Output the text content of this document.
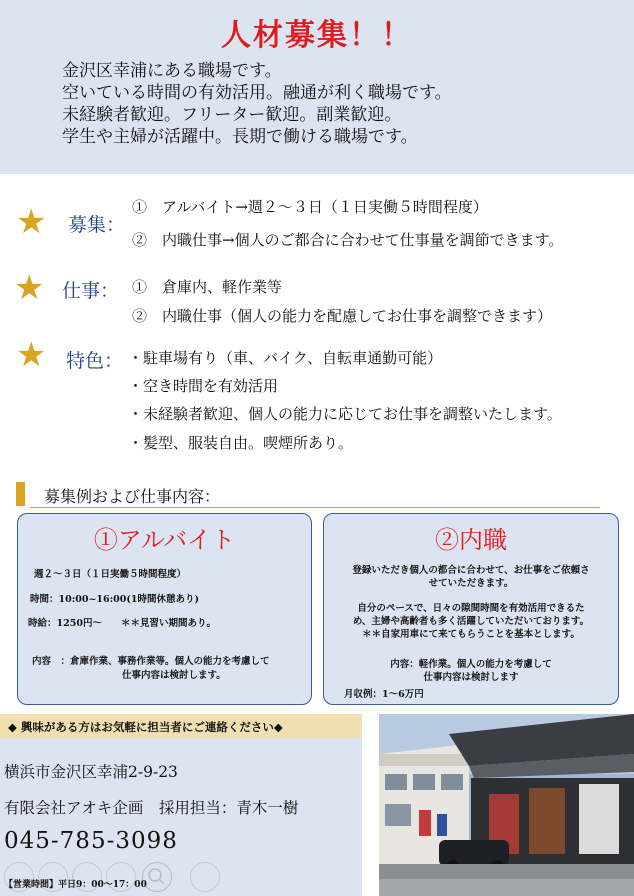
人材募集！！
金沢区幸浦にある職場です。
空いている時間の有効活用。融通が利く職場です。
未経験者歓迎。フリーター歓迎。副業歓迎。
学生や主婦が活躍中。長期で働ける職場です。
★ 募集：
①　アルバイト→週２～３日（１日実働５時間程度）
②　内職仕事→個人のご都合に合わせて仕事量を調節できます。
★ 仕事： ①　倉庫内、軽作業等
②　内職仕事（個人の能力を配慮してお仕事を調整できます）
★ 特色： ・駐車場有り（車、バイク、自転車通勤可能）
・空き時間を有効活用
・未経験者歓迎、個人の能力に応じてお仕事を調整いたします。
・髪型、服装自由。喫煙所あり。
募集例および仕事内容：
①アルバイト
週２～３日（１日実働５時間程度）
時間：10:00~16:00(1時間休憩あり)
時給：1250円～　　＊＊見習い期間あり。
内容　：倉庫作業、事務作業等。個人の能力を考慮して
仕事内容は検討します。
②内職
登録いただき個人の都合に合わせて、お仕事をご依頼さ
せていただきます。
自分のペースで、日々の隙間時間を有効活用できるた
め、主婦や高齢者も多く活躍していただいております。
＊＊自家用車にて来てもらうことを基本とします。
内容：軽作業。個人の能力を考慮して
仕事内容は検討します
月収例：1～6万円
◆ 興味がある方はお気軽に担当者にご連絡ください◆
横浜市金沢区幸浦2-9-23
有限会社アオキ企画　採用担当：青木一樹
045-785-3098
【営業時間】平日9：00～17：00
